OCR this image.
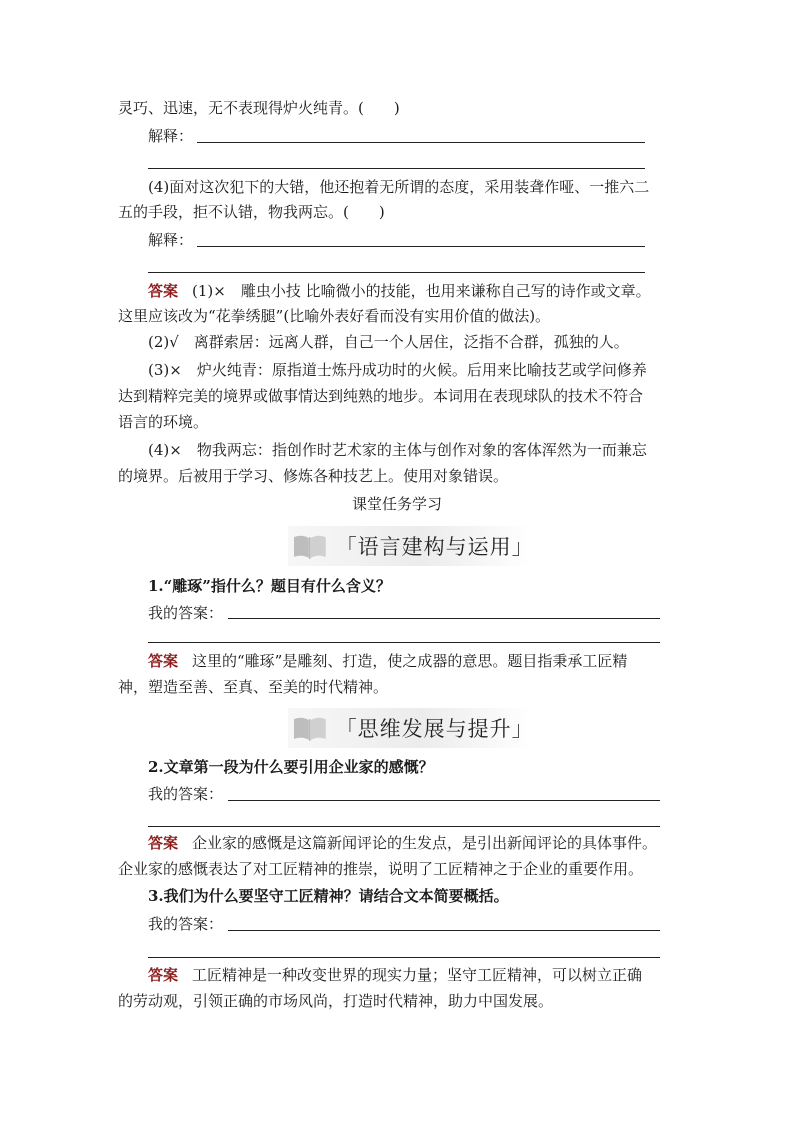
灵巧、迅速，无不表现得炉火纯青。(　　)
解释：
(4)面对这次犯下的大错，他还抱着无所谓的态度，采用装聋作哑、一推六二
五的手段，拒不认错，物我两忘。(　　)
解释：
答案 (1)×　雕虫小技 比喻微小的技能，也用来谦称自己写的诗作或文章。
这里应该改为“花拳绣腿”(比喻外表好看而没有实用价值的做法)。
(2)√　离群索居：远离人群，自己一个人居住，泛指不合群，孤独的人。
(3)×　炉火纯青：原指道士炼丹成功时的火候。后用来比喻技艺或学问修养
达到精粹完美的境界或做事情达到纯熟的地步。本词用在表现球队的技术不符合
语言的环境。
(4)×　物我两忘：指创作时艺术家的主体与创作对象的客体浑然为一而兼忘
的境界。后被用于学习、修炼各种技艺上。使用对象错误。
课堂任务学习
「语言建构与运用」
1.“雕琢”指什么？题目有什么含义？
我的答案：
答案 这里的“雕琢”是雕刻、打造，使之成器的意思。题目指秉承工匠精
神，塑造至善、至真、至美的时代精神。
「思维发展与提升」
2.文章第一段为什么要引用企业家的感慨？
我的答案：
答案 企业家的感慨是这篇新闻评论的生发点，是引出新闻评论的具体事件。
企业家的感慨表达了对工匠精神的推崇，说明了工匠精神之于企业的重要作用。
3.我们为什么要坚守工匠精神？请结合文本简要概括。
我的答案：
答案 工匠精神是一种改变世界的现实力量；坚守工匠精神，可以树立正确
的劳动观，引领正确的市场风尚，打造时代精神，助力中国发展。
